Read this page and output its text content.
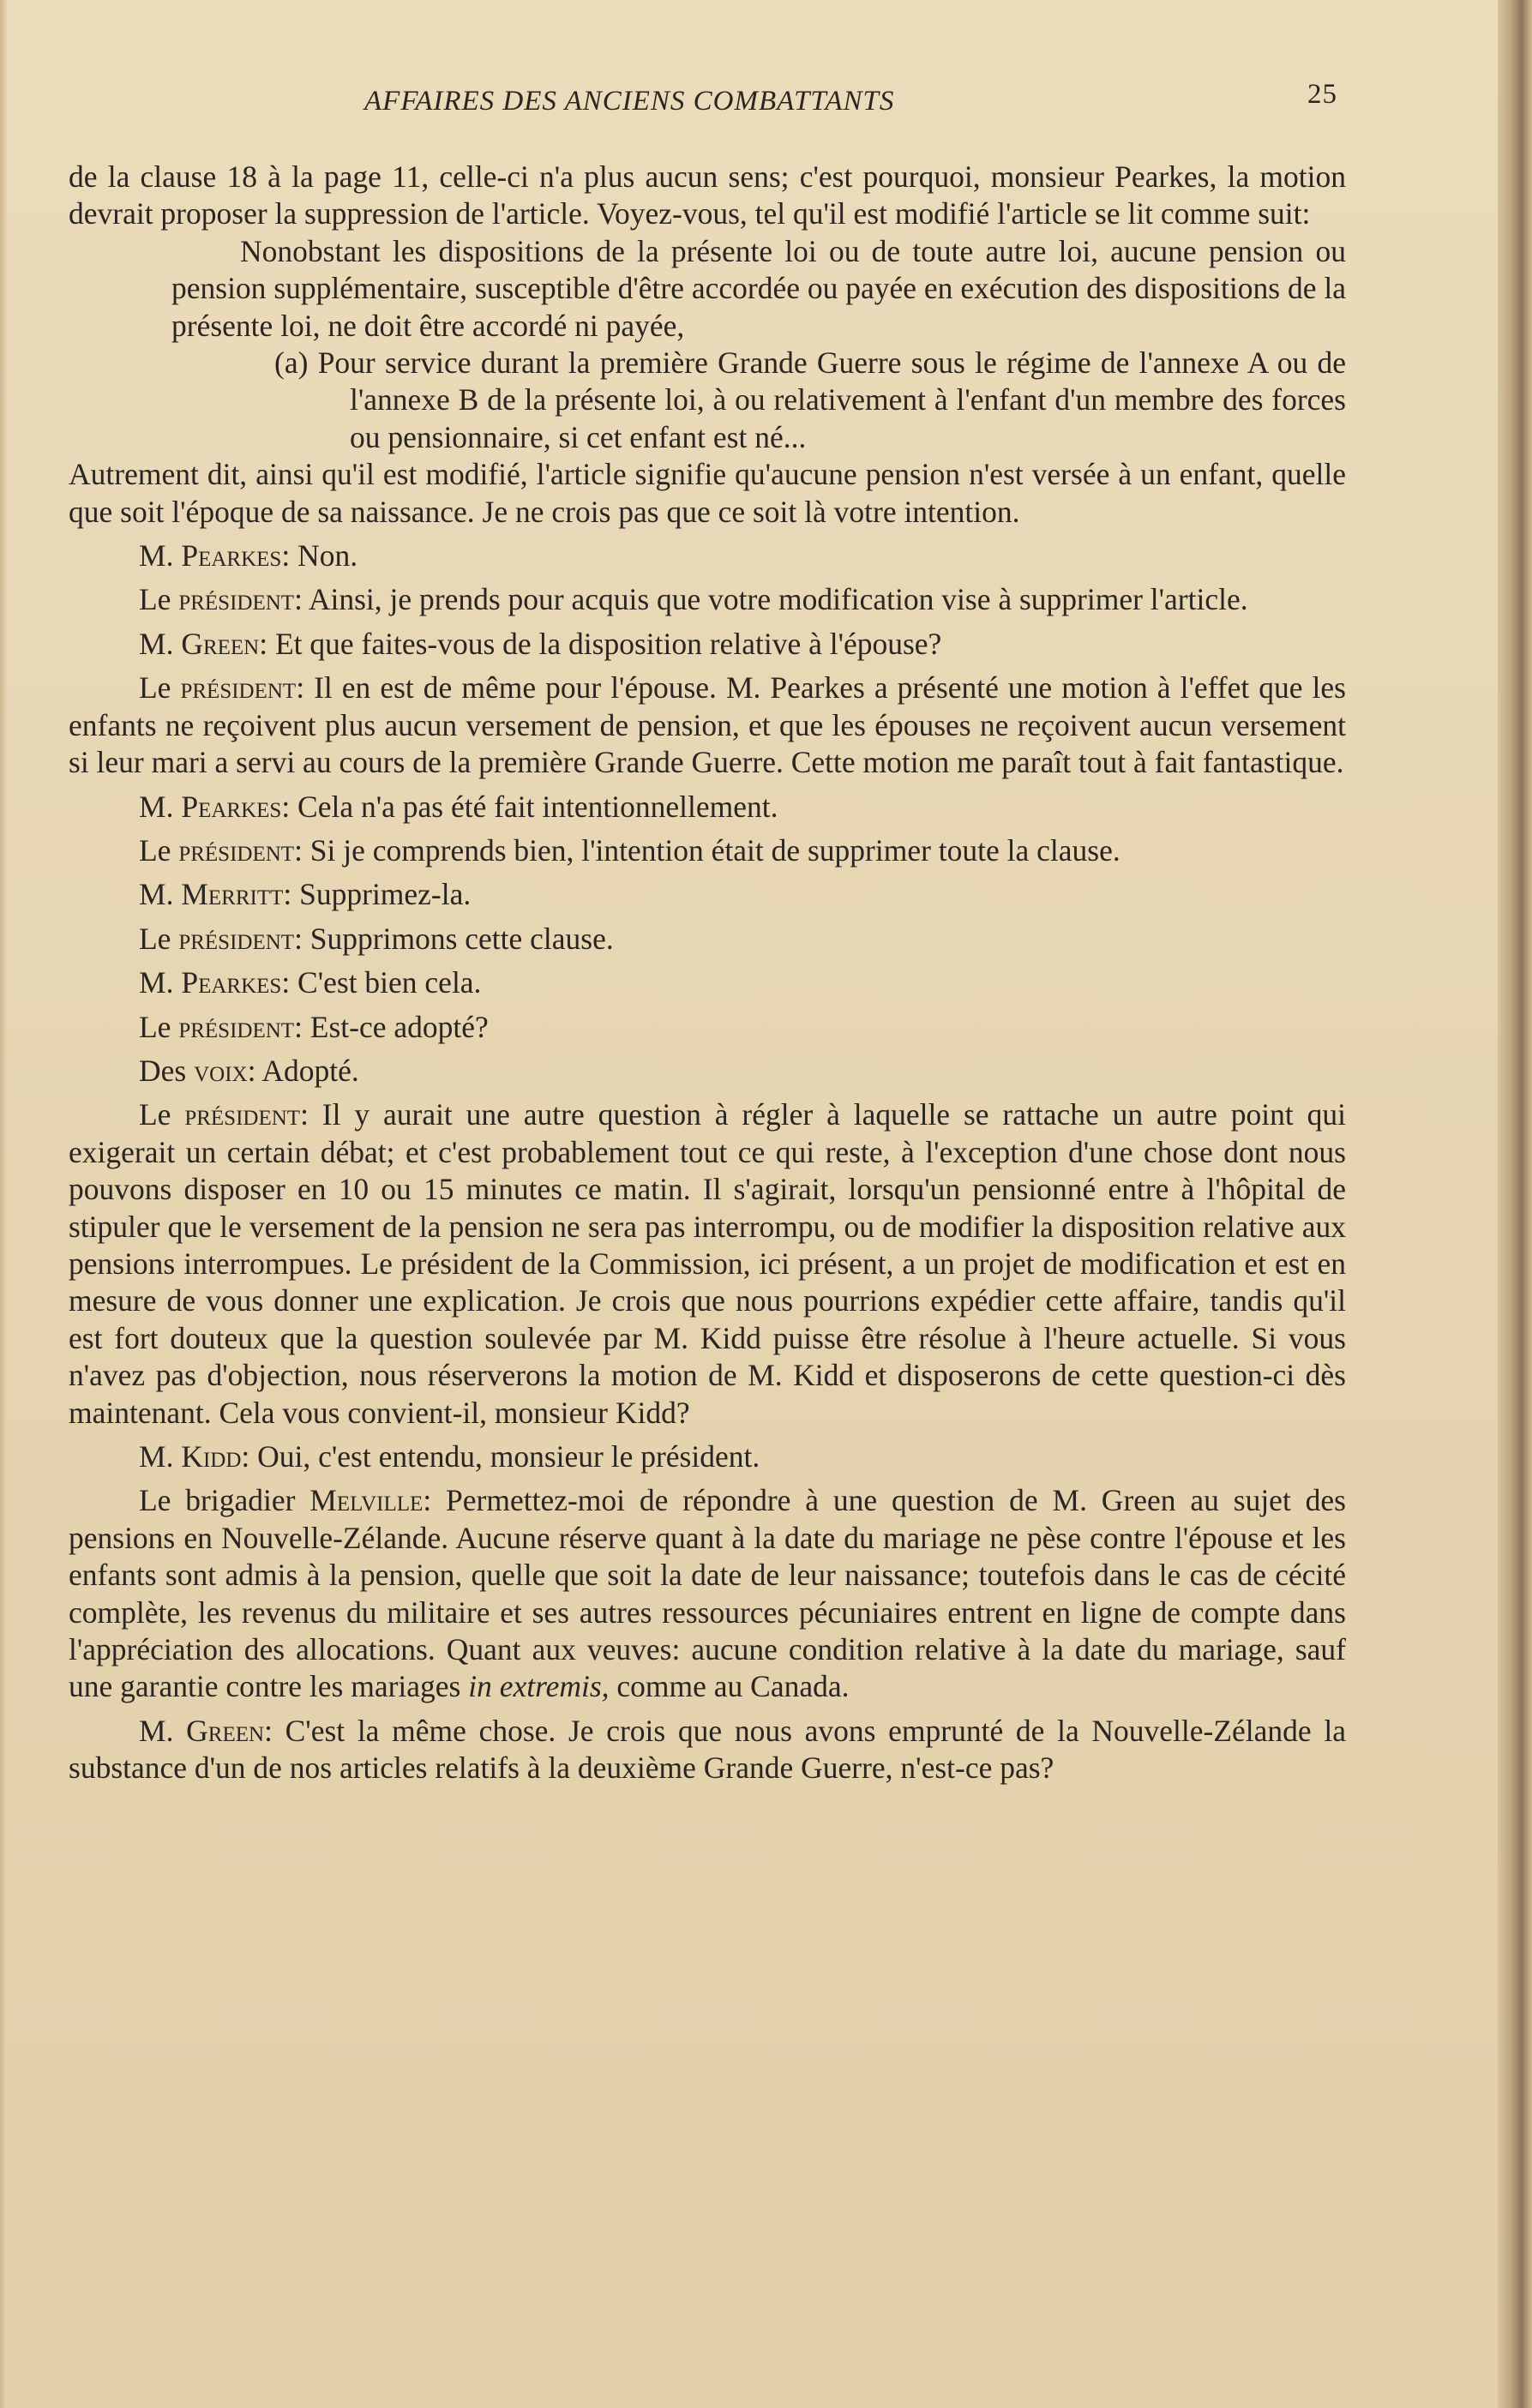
AFFAIRES DES ANCIENS COMBATTANTS	25

de la clause 18 à la page 11, celle-ci n'a plus aucun sens; c'est pourquoi, monsieur Pearkes, la motion devrait proposer la suppression de l'article. Voyez-vous, tel qu'il est modifié l'article se lit comme suit:

Nonobstant les dispositions de la présente loi ou de toute autre loi, aucune pension ou pension supplémentaire, susceptible d'être accordée ou payée en exécution des dispositions de la présente loi, ne doit être accordé ni payée,

(a) Pour service durant la première Grande Guerre sous le régime de l'annexe A ou de l'annexe B de la présente loi, à ou relativement à l'enfant d'un membre des forces ou pensionnaire, si cet enfant est né...

Autrement dit, ainsi qu'il est modifié, l'article signifie qu'aucune pension n'est versée à un enfant, quelle que soit l'époque de sa naissance. Je ne crois pas que ce soit là votre intention.

M. Pearkes: Non.

Le président: Ainsi, je prends pour acquis que votre modification vise à supprimer l'article.

M. Green: Et que faites-vous de la disposition relative à l'épouse?

Le président: Il en est de même pour l'épouse. M. Pearkes a présenté une motion à l'effet que les enfants ne reçoivent plus aucun versement de pension, et que les épouses ne reçoivent aucun versement si leur mari a servi au cours de la première Grande Guerre. Cette motion me paraît tout à fait fantastique.

M. Pearkes: Cela n'a pas été fait intentionnellement.

Le président: Si je comprends bien, l'intention était de supprimer toute la clause.

M. Merritt: Supprimez-la.

Le président: Supprimons cette clause.

M. Pearkes: C'est bien cela.

Le président: Est-ce adopté?

Des voix: Adopté.

Le président: Il y aurait une autre question à régler à laquelle se rattache un autre point qui exigerait un certain débat; et c'est probablement tout ce qui reste, à l'exception d'une chose dont nous pouvons disposer en 10 ou 15 minutes ce matin. Il s'agirait, lorsqu'un pensionné entre à l'hôpital de stipuler que le versement de la pension ne sera pas interrompu, ou de modifier la disposition relative aux pensions interrompues. Le président de la Commission, ici présent, a un projet de modification et est en mesure de vous donner une explication. Je crois que nous pourrions expédier cette affaire, tandis qu'il est fort douteux que la question soulevée par M. Kidd puisse être résolue à l'heure actuelle. Si vous n'avez pas d'objection, nous réserverons la motion de M. Kidd et disposerons de cette question-ci dès maintenant. Cela vous convient-il, monsieur Kidd?

M. Kidd: Oui, c'est entendu, monsieur le président.

Le brigadier Melville: Permettez-moi de répondre à une question de M. Green au sujet des pensions en Nouvelle-Zélande. Aucune réserve quant à la date du mariage ne pèse contre l'épouse et les enfants sont admis à la pension, quelle que soit la date de leur naissance; toutefois dans le cas de cécité complète, les revenus du militaire et ses autres ressources pécuniaires entrent en ligne de compte dans l'appréciation des allocations. Quant aux veuves: aucune condition relative à la date du mariage, sauf une garantie contre les mariages in extremis, comme au Canada.

M. Green: C'est la même chose. Je crois que nous avons emprunté de la Nouvelle-Zélande la substance d'un de nos articles relatifs à la deuxième Grande Guerre, n'est-ce pas?
